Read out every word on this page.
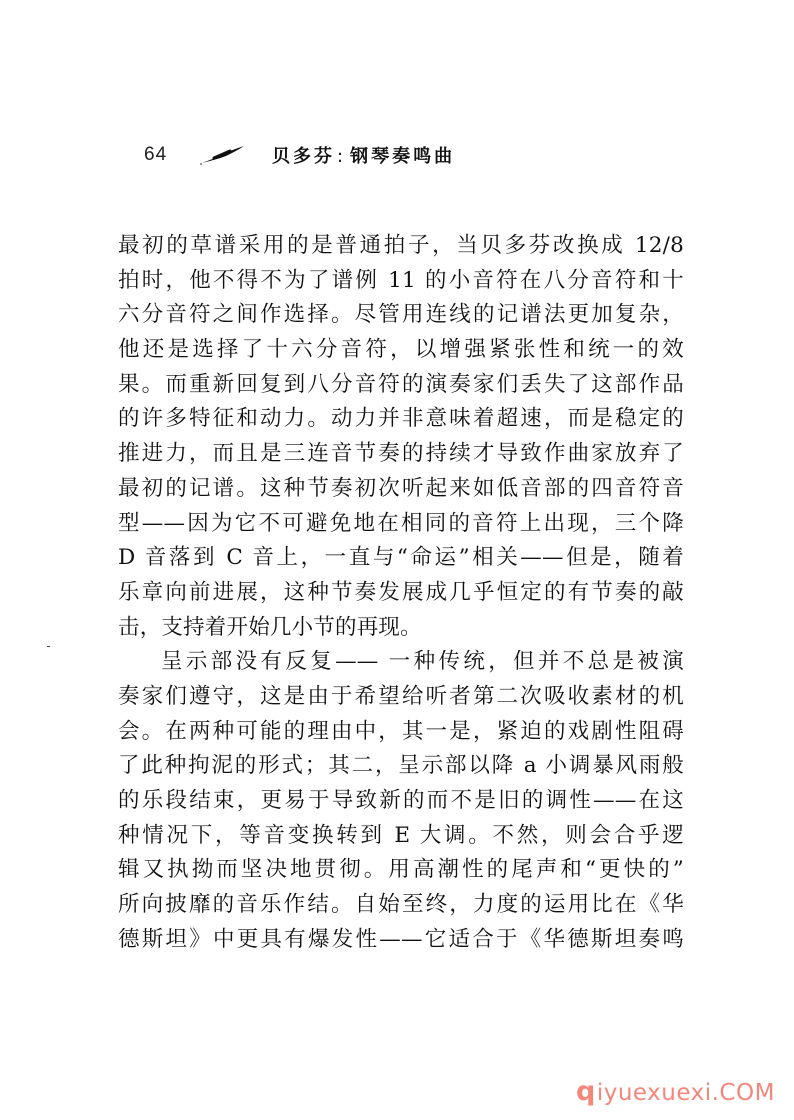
64	贝多芬 : 钢琴奏鸣曲
最初的草谱采用的是普通拍子，当贝多芬改换成 12/8
拍时，他不得不为了谱例 11 的小音符在八分音符和十
六分音符之间作选择。尽管用连线的记谱法更加复杂，
他还是选择了十六分音符，以增强紧张性和统一的效
果。而重新回复到八分音符的演奏家们丢失了这部作品
的许多特征和动力。动力并非意味着超速，而是稳定的
推进力，而且是三连音节奏的持续才导致作曲家放弃了
最初的记谱。这种节奏初次听起来如低音部的四音符音
型——因为它不可避免地在相同的音符上出现，三个降
D 音落到 C 音上，一直与“命运”相关——但是，随着
乐章向前进展，这种节奏发展成几乎恒定的有节奏的敲
击，支持着开始几小节的再现。
呈示部没有反复—— 一种传统，但并不总是被演
奏家们遵守，这是由于希望给听者第二次吸收素材的机
会。在两种可能的理由中，其一是，紧迫的戏剧性阻碍
了此种拘泥的形式；其二，呈示部以降 a 小调暴风雨般
的乐段结束，更易于导致新的而不是旧的调性——在这
种情况下，等音变换转到 E 大调。不然，则会合乎逻
辑又执拗而坚决地贯彻。用高潮性的尾声和“更快的”
所向披靡的音乐作结。自始至终，力度的运用比在《华
德斯坦》中更具有爆发性——它适合于《华德斯坦奏鸣
q iyuexuexi.COM
